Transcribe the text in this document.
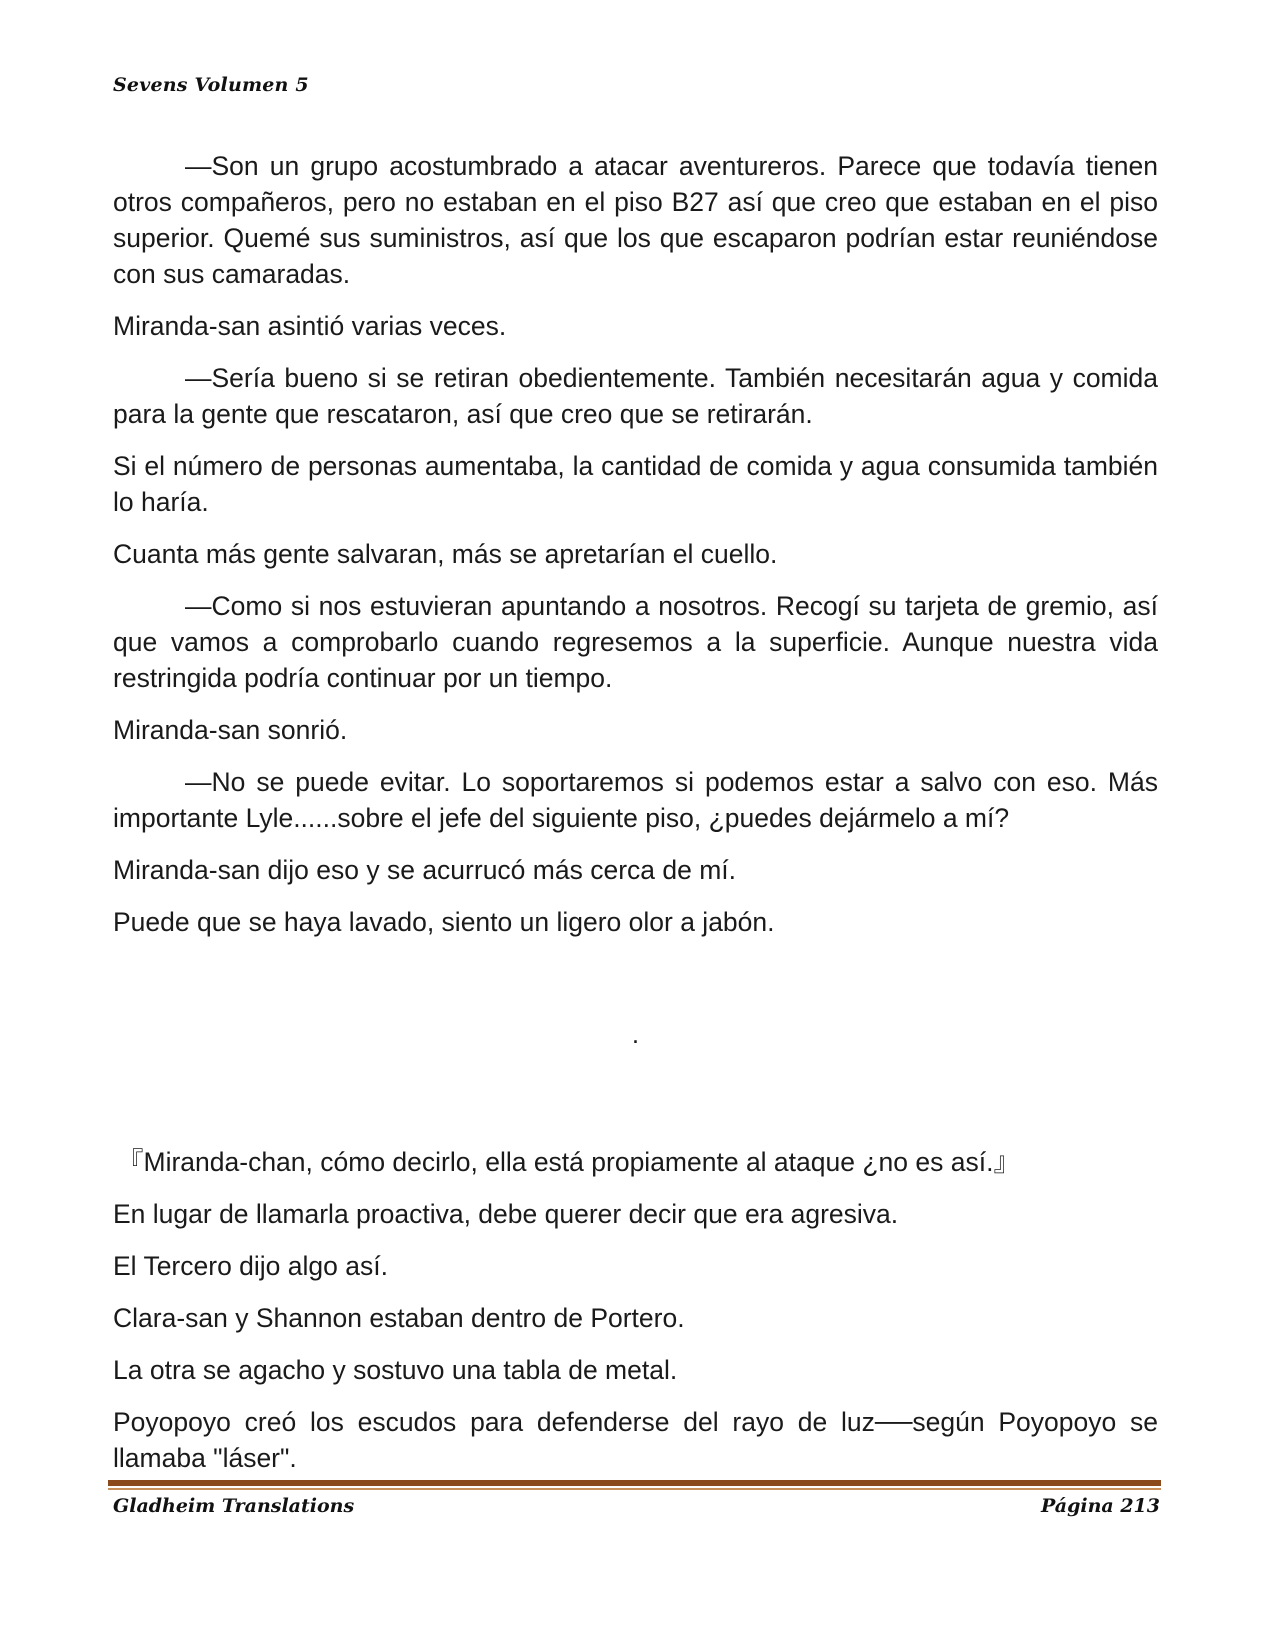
Sevens Volumen 5

—Son un grupo acostumbrado a atacar aventureros. Parece que todavía tienen otros compañeros, pero no estaban en el piso B27 así que creo que estaban en el piso superior. Quemé sus suministros, así que los que escaparon podrían estar reuniéndose con sus camaradas.

Miranda-san asintió varias veces.

—Sería bueno si se retiran obedientemente. También necesitarán agua y comida para la gente que rescataron, así que creo que se retirarán.

Si el número de personas aumentaba, la cantidad de comida y agua consumida también lo haría.

Cuanta más gente salvaran, más se apretarían el cuello.

—Como si nos estuvieran apuntando a nosotros. Recogí su tarjeta de gremio, así que vamos a comprobarlo cuando regresemos a la superficie. Aunque nuestra vida restringida podría continuar por un tiempo.

Miranda-san sonrió.

—No se puede evitar. Lo soportaremos si podemos estar a salvo con eso. Más importante Lyle......sobre el jefe del siguiente piso, ¿puedes dejármelo a mí?

Miranda-san dijo eso y se acurrucó más cerca de mí.

Puede que se haya lavado, siento un ligero olor a jabón.

.

『Miranda-chan, cómo decirlo, ella está propiamente al ataque ¿no es así.』

En lugar de llamarla proactiva, debe querer decir que era agresiva.

El Tercero dijo algo así.

Clara-san y Shannon estaban dentro de Portero.

La otra se agacho y sostuvo una tabla de metal.

Poyopoyo creó los escudos para defenderse del rayo de luz──según Poyopoyo se llamaba "láser".

Gladheim Translations	Página 213
